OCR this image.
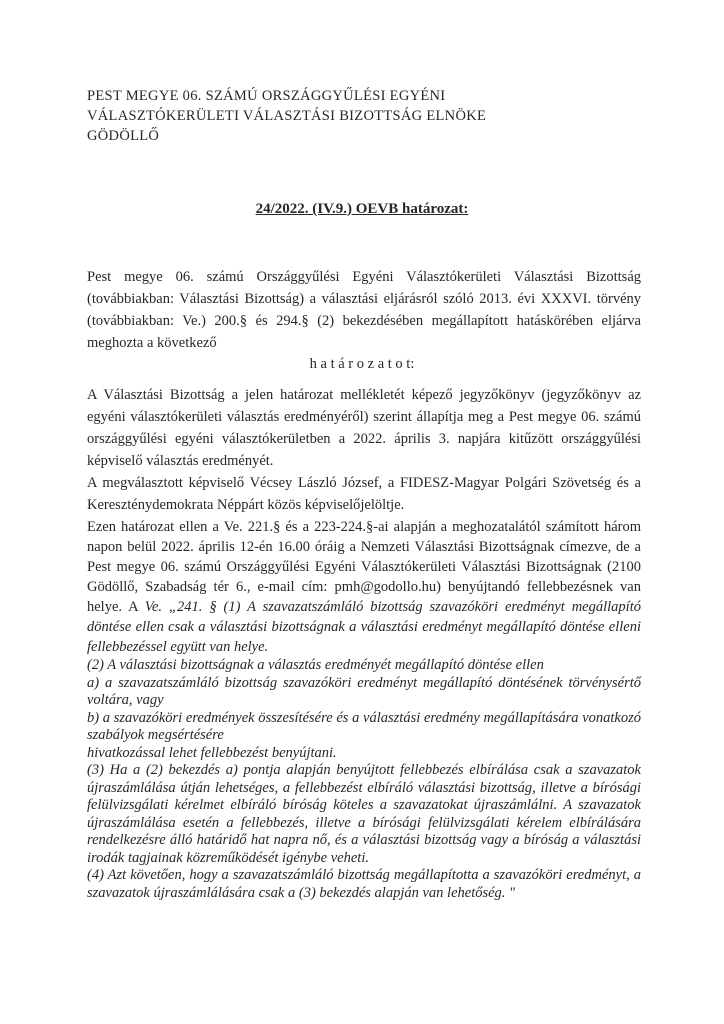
PEST MEGYE 06. SZÁMÚ ORSZÁGGYŰLÉSI EGYÉNI

VÁLASZTÓKERÜLETI VÁLASZTÁSI BIZOTTSÁG ELNÖKE

GÖDÖLLŐ

24/2022. (IV.9.) OEVB határozat:
Pest megye 06. számú Országgyűlési Egyéni Választókerületi Választási Bizottság (továbbiakban: Választási Bizottság) a választási eljárásról szóló 2013. évi XXXVI. törvény (továbbiakban: Ve.) 200.§ és 294.§ (2) bekezdésében megállapított hatáskörében eljárva meghozta a következő
h a t á r o z a t o t:

A Választási Bizottság a jelen határozat mellékletét képező jegyzőkönyv (jegyzőkönyv az egyéni választókerületi választás eredményéről) szerint állapítja meg a Pest megye 06. számú országgyűlési egyéni választókerületben a 2022. április 3. napjára kitűzött országgyűlési képviselő választás eredményét.

A megválasztott képviselő Vécsey László József, a FIDESZ-Magyar Polgári Szövetség és a Kereszténydemokrata Néppárt közös képviselőjelöltje.

Ezen határozat ellen a Ve. 221.§ és a 223-224.§-ai alapján a meghozatalától számított három napon belül 2022. április 12-én 16.00 óráig a Nemzeti Választási Bizottságnak címezve, de a Pest megye 06. számú Országgyűlési Egyéni Választókerületi Választási Bizottságnak (2100 Gödöllő, Szabadság tér 6., e-mail cím: pmh@godollo.hu) benyújtandó fellebbezésnek van helye. A Ve. „241. § (1) A szavazatszámláló bizottság szavazóköri eredményt megállapító döntése ellen csak a választási bizottságnak a választási eredményt megállapító döntése elleni fellebbezéssel együtt van helye.

(2) A választási bizottságnak a választás eredményét megállapító döntése ellen

a) a szavazatszámláló bizottság szavazóköri eredményt megállapító döntésének törvénysértő voltára, vagy

b) a szavazóköri eredmények összesítésére és a választási eredmény megállapítására vonatkozó szabályok megsértésére

hivatkozással lehet fellebbezést benyújtani.

(3) Ha a (2) bekezdés a) pontja alapján benyújtott fellebbezés elbírálása csak a szavazatok újraszámlálása útján lehetséges, a fellebbezést elbíráló választási bizottság, illetve a bírósági felülvizsgálati kérelmet elbíráló bíróság köteles a szavazatokat újraszámlálni. A szavazatok újraszámlálása esetén a fellebbezés, illetve a bírósági felülvizsgálati kérelem elbírálására rendelkezésre álló határidő hat napra nő, és a választási bizottság vagy a bíróság a választási irodák tagjainak közreműködését igénybe veheti.

(4) Azt követően, hogy a szavazatszámláló bizottság megállapította a szavazóköri eredményt, a szavazatok újraszámlálására csak a (3) bekezdés alapján van lehetőség. "
